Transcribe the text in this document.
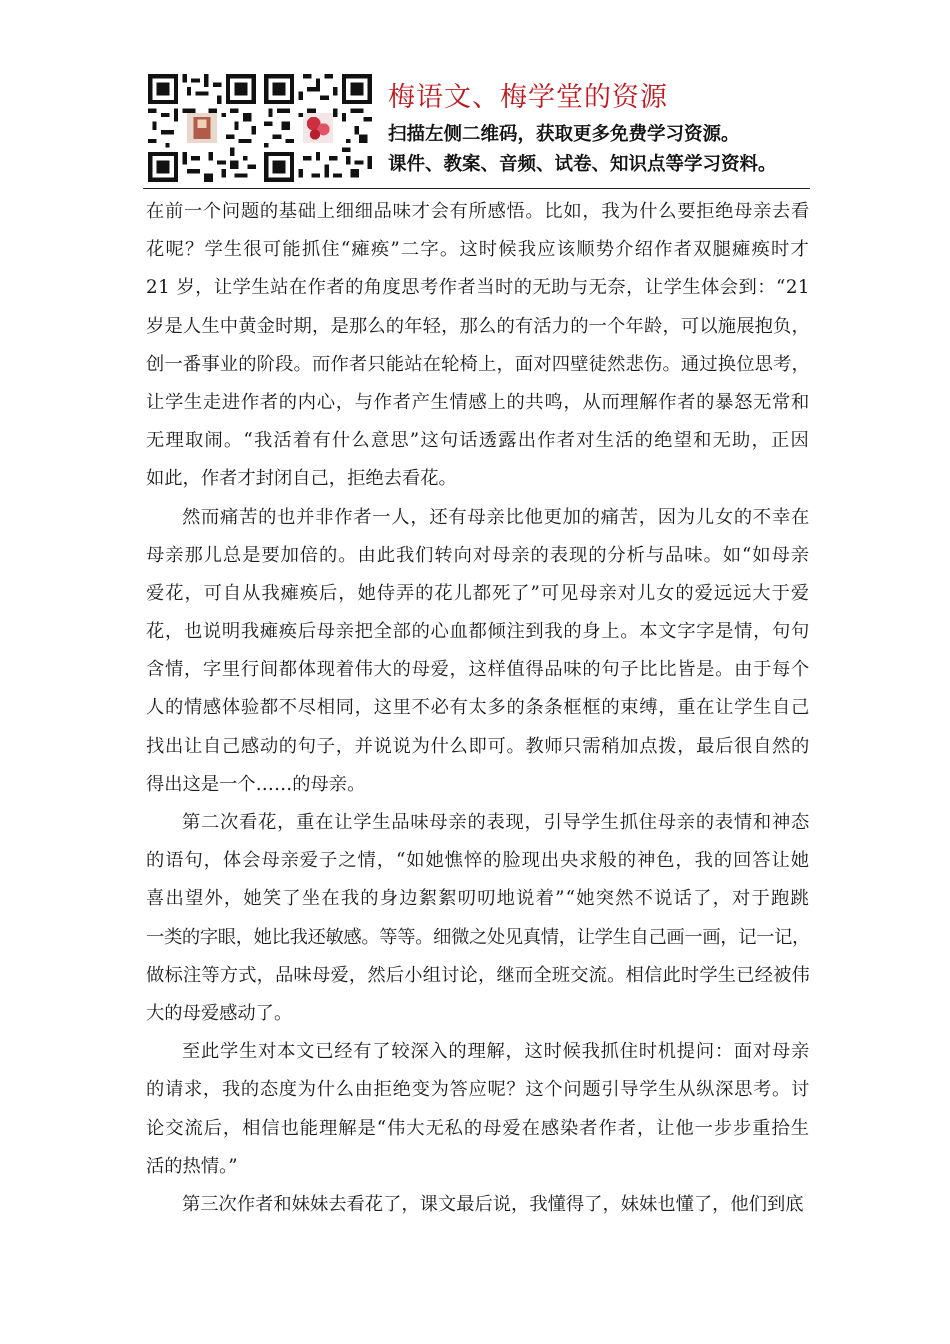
梅语文、梅学堂的资源
扫描左侧二维码，获取更多免费学习资源。
课件、教案、音频、试卷、知识点等学习资料。
在前一个问题的基础上细细品味才会有所感悟。比如，我为什么要拒绝母亲去看
花呢？学生很可能抓住“瘫痪”二字。这时候我应该顺势介绍作者双腿瘫痪时才
21 岁，让学生站在作者的角度思考作者当时的无助与无奈，让学生体会到：“21
岁是人生中黄金时期，是那么的年轻，那么的有活力的一个年龄，可以施展抱负，
创一番事业的阶段。而作者只能站在轮椅上，面对四壁徒然悲伤。通过换位思考，
让学生走进作者的内心，与作者产生情感上的共鸣，从而理解作者的暴怒无常和
无理取闹。“我活着有什么意思”这句话透露出作者对生活的绝望和无助，正因
如此，作者才封闭自己，拒绝去看花。
然而痛苦的也并非作者一人，还有母亲比他更加的痛苦，因为儿女的不幸在
母亲那儿总是要加倍的。由此我们转向对母亲的表现的分析与品味。如“如母亲
爱花，可自从我瘫痪后，她侍弄的花儿都死了”可见母亲对儿女的爱远远大于爱
花，也说明我瘫痪后母亲把全部的心血都倾注到我的身上。本文字字是情，句句
含情，字里行间都体现着伟大的母爱，这样值得品味的句子比比皆是。由于每个
人的情感体验都不尽相同，这里不必有太多的条条框框的束缚，重在让学生自己
找出让自己感动的句子，并说说为什么即可。教师只需稍加点拨，最后很自然的
得出这是一个……的母亲。
第二次看花，重在让学生品味母亲的表现，引导学生抓住母亲的表情和神态
的语句，体会母亲爱子之情，“如她憔悴的脸现出央求般的神色，我的回答让她
喜出望外，她笑了坐在我的身边絮絮叨叨地说着”“她突然不说话了，对于跑跳
一类的字眼，她比我还敏感。等等。细微之处见真情，让学生自己画一画，记一记，
做标注等方式，品味母爱，然后小组讨论，继而全班交流。相信此时学生已经被伟
大的母爱感动了。
至此学生对本文已经有了较深入的理解，这时候我抓住时机提问：面对母亲
的请求，我的态度为什么由拒绝变为答应呢？这个问题引导学生从纵深思考。讨
论交流后，相信也能理解是“伟大无私的母爱在感染者作者，让他一步步重拾生
活的热情。”
第三次作者和妹妹去看花了，课文最后说，我懂得了，妹妹也懂了，他们到底
